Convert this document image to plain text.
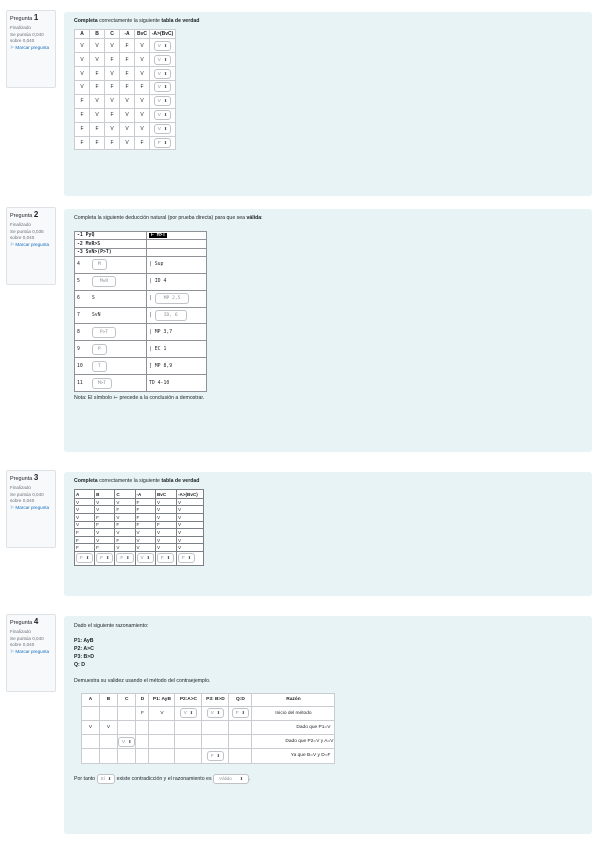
Pregunta 1
Finalizado
Se puntúa 0,040 sobre 0,040
⚐ Marcar pregunta
Completa correctamente la siguiente tabla de verdad
A	B	C	-A	BvC	-A>(BvC)
V	V	V	F	V	V ⬍
V	V	F	F	V	V ⬍
V	F	V	F	V	V ⬍
V	F	F	F	F	V ⬍
F	V	V	V	V	V ⬍
F	V	F	V	V	V ⬍
F	F	V	V	V	V ⬍
F	F	F	V	F	F ⬍
Pregunta 2
Finalizado
Se puntúa 0,035 sobre 0,040
⚐ Marcar pregunta
Completa la siguiente deducción natural (por prueba directa) para que sea válida:
-1 PyQ	⊢ M>T
-2 MvR>S	
-3 SvN>(P>T)	
4 M	| Sup
5 MvR	| ID 4
6 S	| MP 2,5
7 SvN	| ID, 6
8 P>T	| MP 3,7
9 P	| EC 1
10 T	] MP 8,9
11 M>T	TD 4-10
Nota: El símbolo ⊢ precede a la conclusión a demostrar.
Pregunta 3
Finalizado
Se puntúa 0,040 sobre 0,040
⚐ Marcar pregunta
Completa correctamente la siguiente tabla de verdad
A	B	C	-A	BvC	-A>(BvC)
V	V	V	F	V	V
V	V	F	F	V	V
V	F	V	F	V	V
V	F	F	F	F	V
F	V	V	V	V	V
F	V	F	V	V	V
F	F	V	V	V	V
F ⬍	F ⬍	F ⬍	V ⬍	F ⬍	F ⬍
Pregunta 4
Finalizado
Se puntúa 0,040 sobre 0,040
⚐ Marcar pregunta
Dado el siguiente razonamiento:
P1: AyB
P2: A>C
P3: B>D
Q: D
Demuestra su validez usando el método del contraejemplo.
A	B	C	D	P1: AyB	P2:A>C	P3: B>D	Q:D	Razón
			F	V	V ⬍	V ⬍	F ⬍	Inicio del método
V	V							Dado que P1=V
		V ⬍						Dado que P2=V y A=V
						F ⬍		Ya que B=V y D=F
Por tanto Sí ⬍ existe contradicción y el razonamiento es Válido ⬍ .
